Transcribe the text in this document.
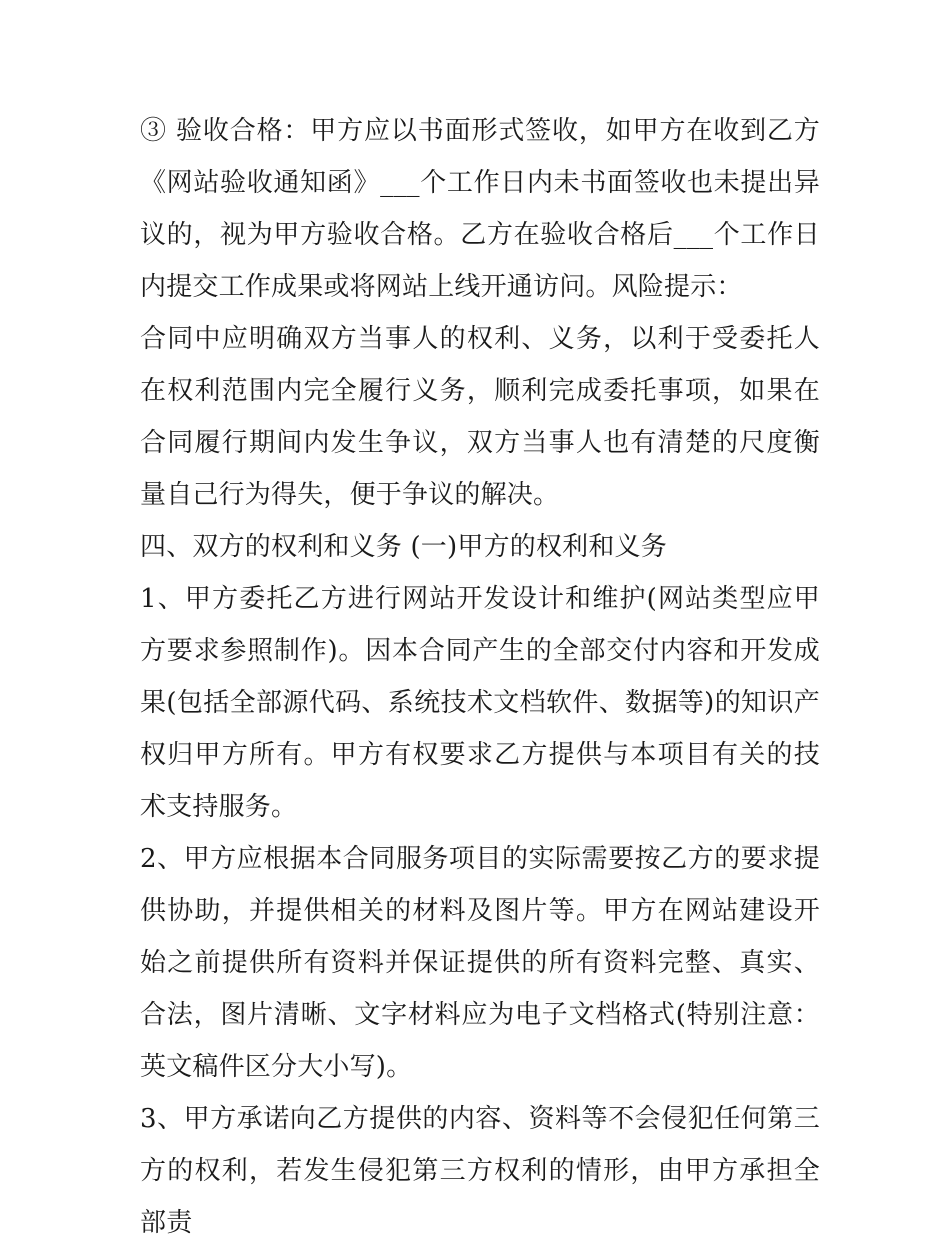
③ 验收合格：甲方应以书面形式签收，如甲方在收到乙方《网站验收通知函》___个工作日内未书面签收也未提出异议的，视为甲方验收合格。乙方在验收合格后___个工作日内提交工作成果或将网站上线开通访问。风险提示：

合同中应明确双方当事人的权利、义务，以利于受委托人在权利范围内完全履行义务，顺利完成委托事项，如果在合同履行期间内发生争议，双方当事人也有清楚的尺度衡量自己行为得失，便于争议的解决。

四、双方的权利和义务 (一)甲方的权利和义务

1、甲方委托乙方进行网站开发设计和维护(网站类型应甲方要求参照制作)。因本合同产生的全部交付内容和开发成果(包括全部源代码、系统技术文档软件、数据等)的知识产权归甲方所有。甲方有权要求乙方提供与本项目有关的技术支持服务。

2、甲方应根据本合同服务项目的实际需要按乙方的要求提供协助，并提供相关的材料及图片等。甲方在网站建设开始之前提供所有资料并保证提供的所有资料完整、真实、合法，图片清晰、文字材料应为电子文档格式(特别注意：英文稿件区分大小写)。

3、甲方承诺向乙方提供的内容、资料等不会侵犯任何第三方的权利，若发生侵犯第三方权利的情形，由甲方承担全部责
